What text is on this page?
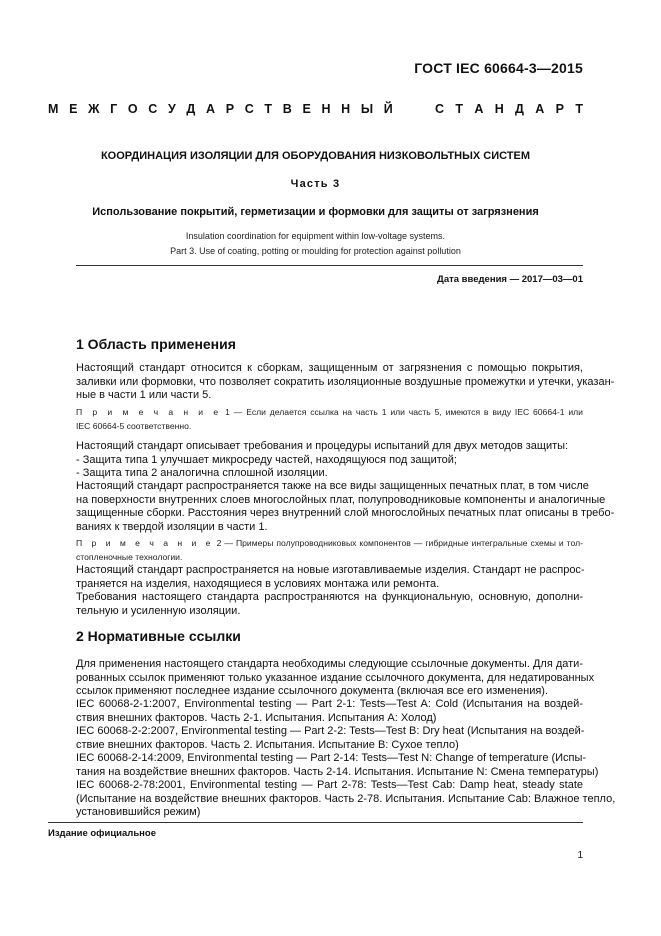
ГОСТ IEC 60664-3—2015
М Е Ж Г О С У Д А Р С Т В Е Н Н Ы Й	С Т А Н Д А Р Т
КООРДИНАЦИЯ ИЗОЛЯЦИИ ДЛЯ ОБОРУДОВАНИЯ НИЗКОВОЛЬТНЫХ СИСТЕМ
Часть 3
Использование покрытий, герметизации и формовки для защиты от загрязнения
Insulation coordination for equipment within low-voltage systems.
Part 3. Use of coating, potting or moulding for protection against pollution
Дата введения — 2017—03—01
1 Область применения
Настоящий стандарт относится к сборкам, защищенным от загрязнения с помощью покрытия,
заливки или формовки, что позволяет сократить изоляционные воздушные промежутки и утечки, указан-
ные в части 1 или части 5.
П р и м е ч а н и е 1 — Если делается ссылка на часть 1 или часть 5, имеются в виду IEC 60664-1 или
IEC 60664-5 соответственно.
Настоящий стандарт описывает требования и процедуры испытаний для двух методов защиты:
- Защита типа 1 улучшает микросреду частей, находящуюся под защитой;
- Защита типа 2 аналогична сплошной изоляции.
Настоящий стандарт распространяется также на все виды защищенных печатных плат, в том числе
на поверхности внутренних слоев многослойных плат, полупроводниковые компоненты и аналогичные
защищенные сборки. Расстояния через внутренний слой многослойных печатных плат описаны в требо-
ваниях к твердой изоляции в части 1.
П р и м е ч а н и е 2 — Примеры полупроводниковых компонентов — гибридные интегральные схемы и тол-
стопленочные технологии.
Настоящий стандарт распространяется на новые изготавливаемые изделия. Стандарт не распрос-
траняется на изделия, находящиеся в условиях монтажа или ремонта.
Требования настоящего стандарта распространяются на функциональную, основную, дополни-
тельную и усиленную изоляции.
2 Нормативные ссылки
Для применения настоящего стандарта необходимы следующие ссылочные документы. Для дати-
рованных ссылок применяют только указанное издание ссылочного документа, для недатированных
ссылок применяют последнее издание ссылочного документа (включая все его изменения).
IEC 60068-2-1:2007, Environmental testing — Part 2-1: Tests—Test A: Cold (Испытания на воздей-
ствия внешних факторов. Часть 2-1. Испытания. Испытания А: Холод)
IEC 60068-2-2:2007, Environmental testing — Part 2-2: Tests—Test B: Dry heat (Испытания на воздей-
ствие внешних факторов. Часть 2. Испытания. Испытание В: Сухое тепло)
IEC 60068-2-14:2009, Environmental testing — Part 2-14: Tests—Test N: Change of temperature (Испы-
тания на воздействие внешних факторов. Часть 2-14. Испытания. Испытание N: Смена температуры)
IEC 60068-2-78:2001, Environmental testing — Part 2-78: Tests—Test Cab: Damp heat, steady state
(Испытание на воздействие внешних факторов. Часть 2-78. Испытания. Испытание Cab: Влажное тепло,
установившийся режим)
Издание официальное
1
